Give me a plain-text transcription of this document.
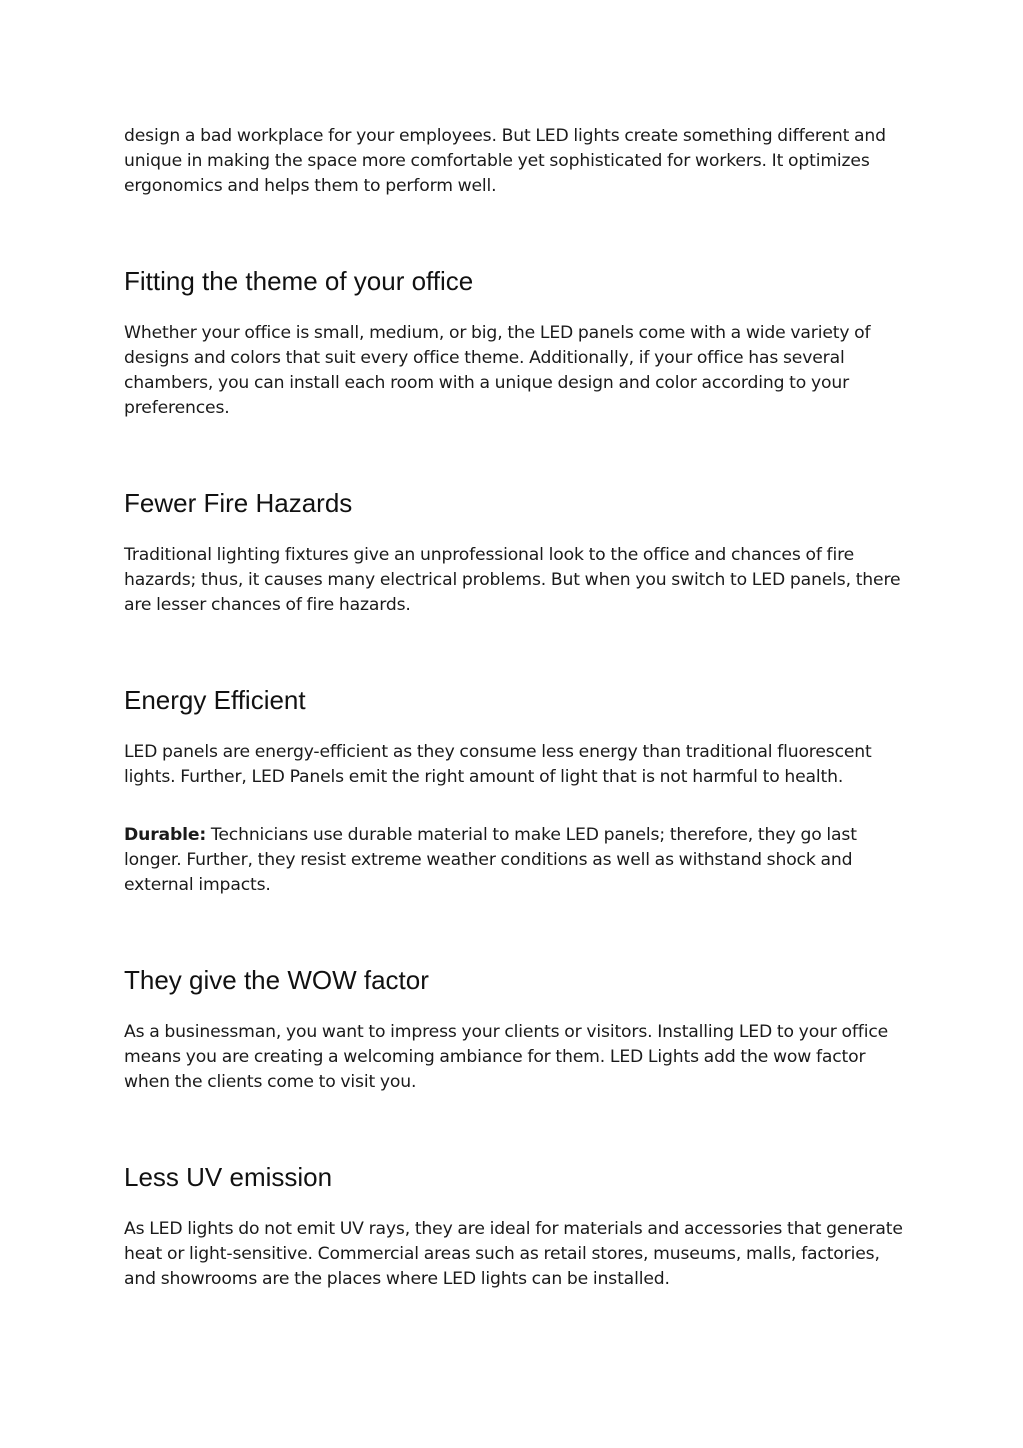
design a bad workplace for your employees. But LED lights create something different and unique in making the space more comfortable yet sophisticated for workers. It optimizes ergonomics and helps them to perform well.

Fitting the theme of your office

Whether your office is small, medium, or big, the LED panels come with a wide variety of designs and colors that suit every office theme. Additionally, if your office has several chambers, you can install each room with a unique design and color according to your preferences.

Fewer Fire Hazards

Traditional lighting fixtures give an unprofessional look to the office and chances of fire hazards; thus, it causes many electrical problems. But when you switch to LED panels, there are lesser chances of fire hazards.

Energy Efficient

LED panels are energy-efficient as they consume less energy than traditional fluorescent lights. Further, LED Panels emit the right amount of light that is not harmful to health.

Durable: Technicians use durable material to make LED panels; therefore, they go last longer. Further, they resist extreme weather conditions as well as withstand shock and external impacts.

They give the WOW factor

As a businessman, you want to impress your clients or visitors. Installing LED to your office means you are creating a welcoming ambiance for them. LED Lights add the wow factor when the clients come to visit you.

Less UV emission

As LED lights do not emit UV rays, they are ideal for materials and accessories that generate heat or light-sensitive. Commercial areas such as retail stores, museums, malls, factories, and showrooms are the places where LED lights can be installed.
